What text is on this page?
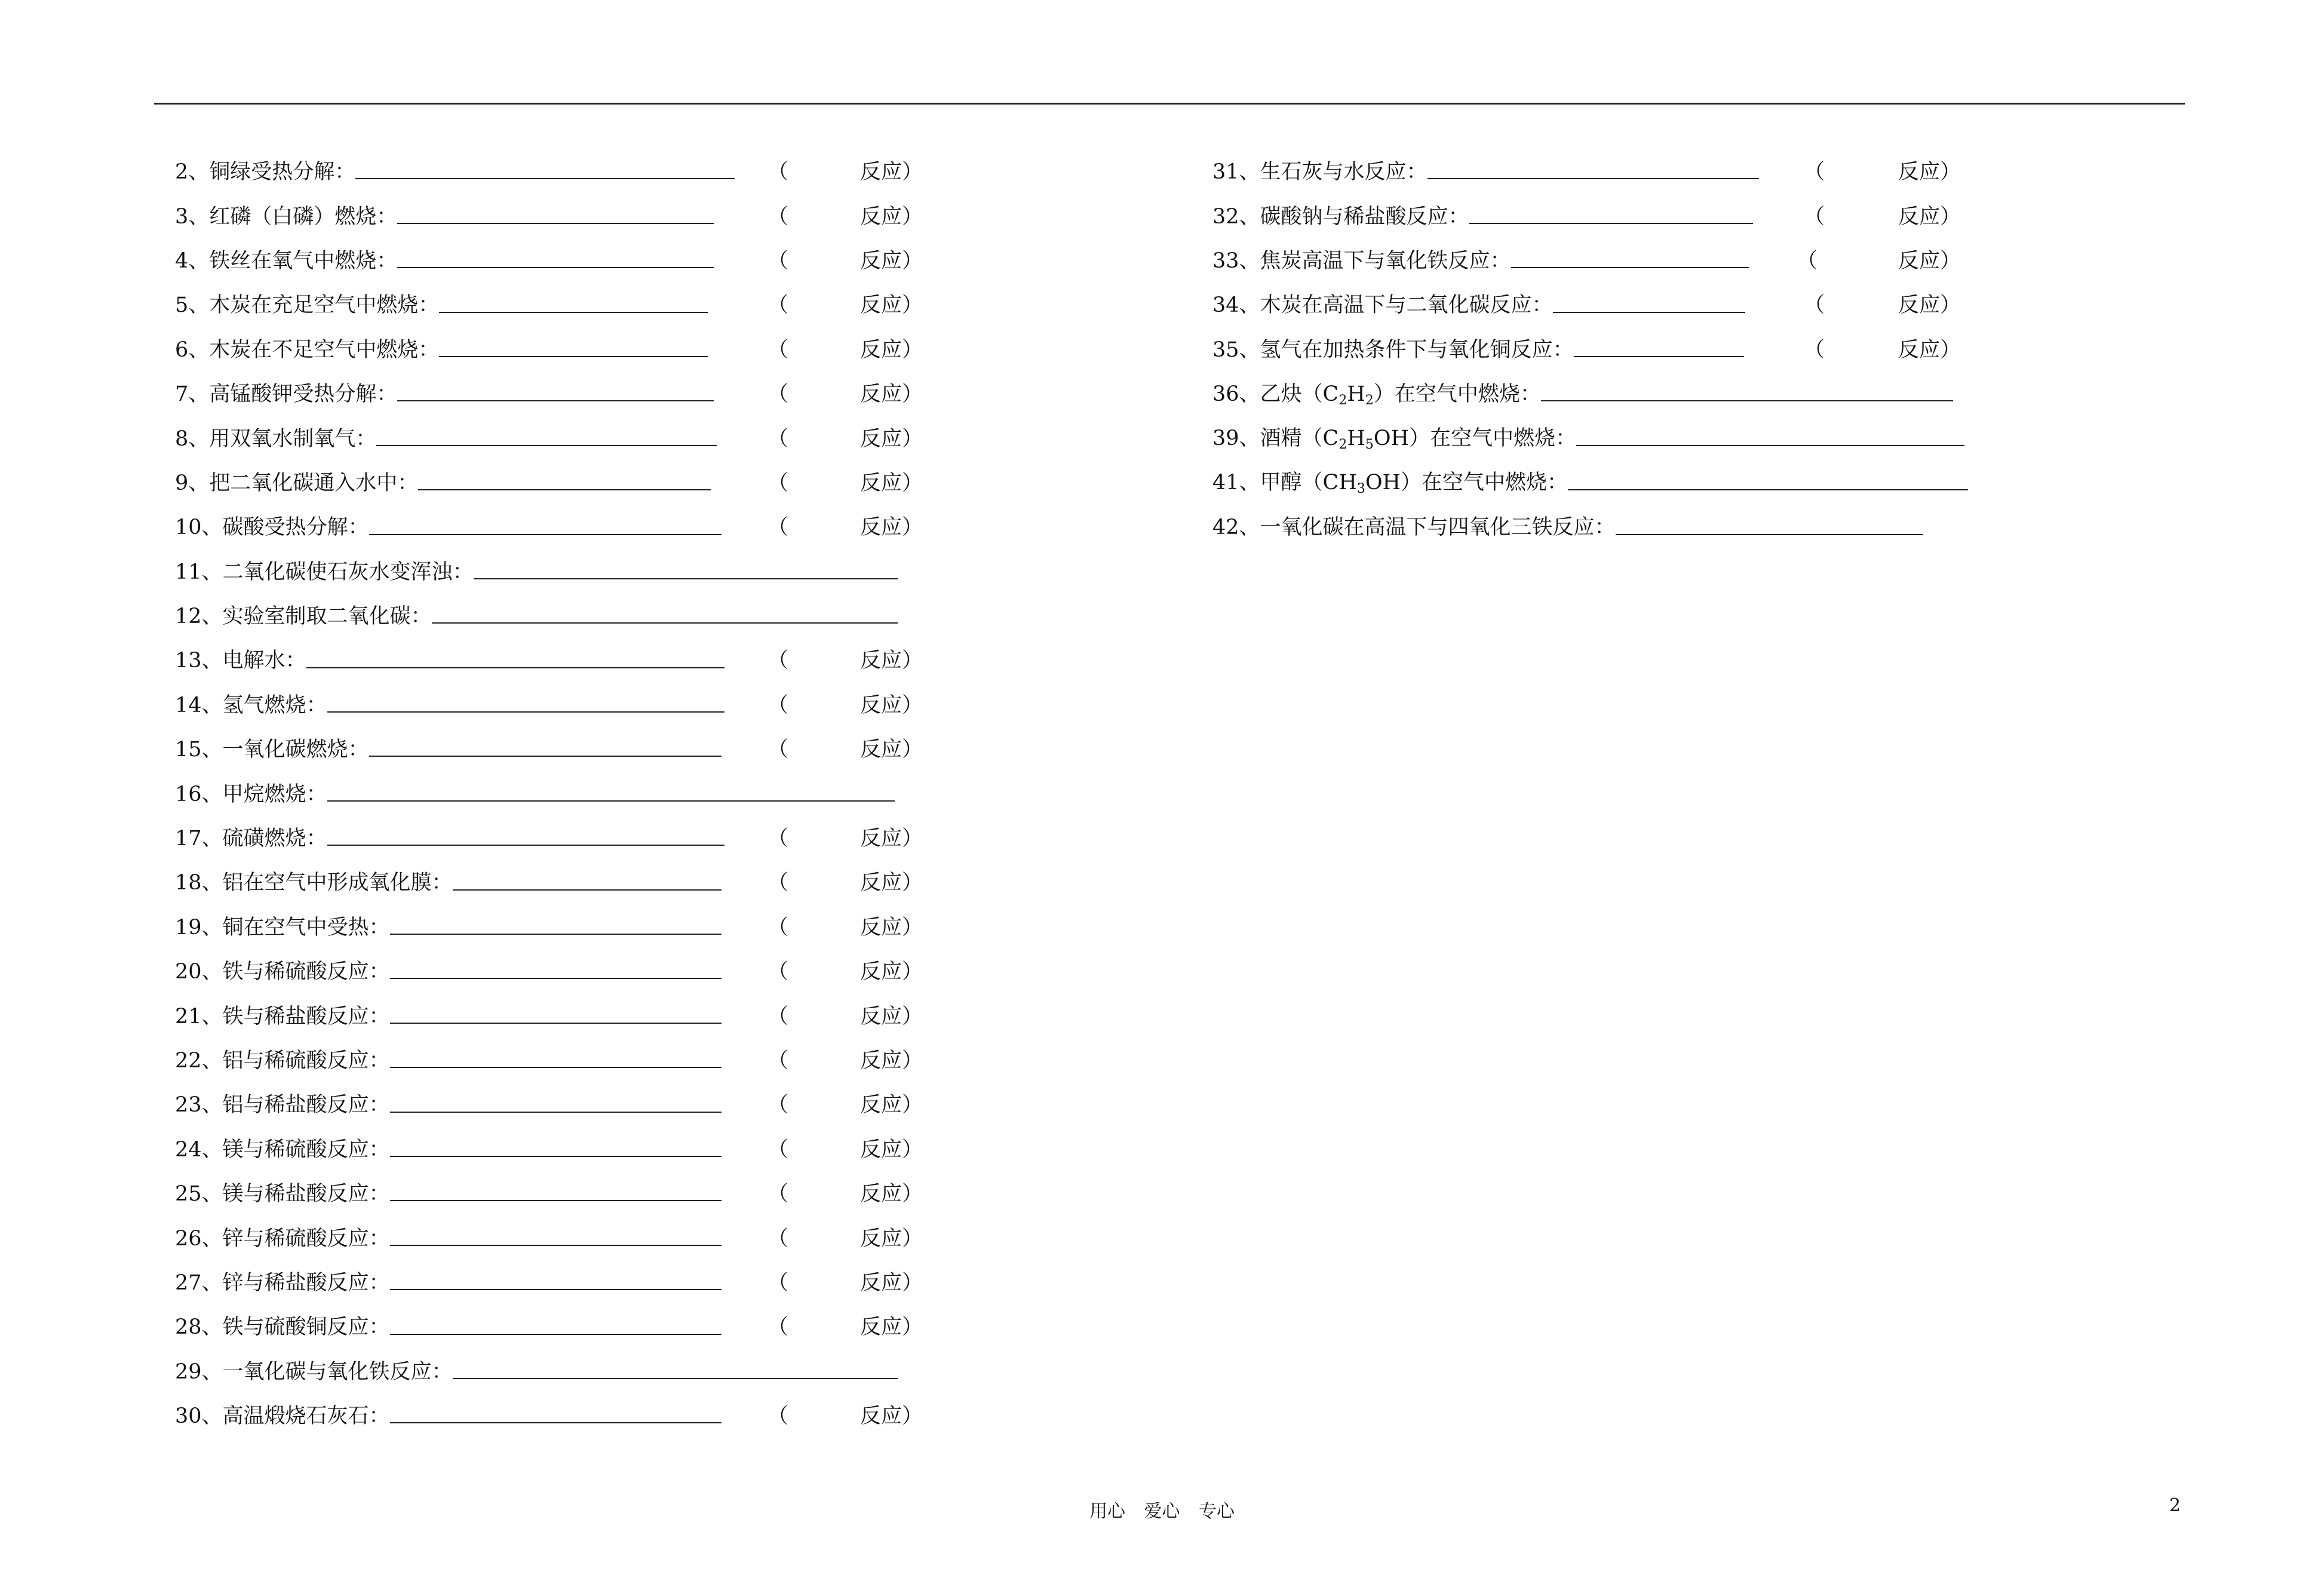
2、铜绿受热分解：	（	反应）
3、红磷（白磷）燃烧：	（	反应）
4、铁丝在氧气中燃烧：	（	反应）
5、木炭在充足空气中燃烧：	（	反应）
6、木炭在不足空气中燃烧：	（	反应）
7、高锰酸钾受热分解：	（	反应）
8、用双氧水制氧气：	（	反应）
9、把二氧化碳通入水中：	（	反应）
10、碳酸受热分解：	（	反应）
11、二氧化碳使石灰水变浑浊：
12、实验室制取二氧化碳：
13、电解水：	（	反应）
14、氢气燃烧：	（	反应）
15、一氧化碳燃烧：	（	反应）
16、甲烷燃烧：
17、硫磺燃烧：	（	反应）
18、铝在空气中形成氧化膜：	（	反应）
19、铜在空气中受热：	（	反应）
20、铁与稀硫酸反应：	（	反应）
21、铁与稀盐酸反应：	（	反应）
22、铝与稀硫酸反应：	（	反应）
23、铝与稀盐酸反应：	（	反应）
24、镁与稀硫酸反应：	（	反应）
25、镁与稀盐酸反应：	（	反应）
26、锌与稀硫酸反应：	（	反应）
27、锌与稀盐酸反应：	（	反应）
28、铁与硫酸铜反应：	（	反应）
29、一氧化碳与氧化铁反应：
30、高温煅烧石灰石：	（	反应）
31、生石灰与水反应：	（	反应）
32、碳酸钠与稀盐酸反应：	（	反应）
33、焦炭高温下与氧化铁反应：	（	反应）
34、木炭在高温下与二氧化碳反应：	（	反应）
35、氢气在加热条件下与氧化铜反应：	（	反应）
36、乙炔$(C_2H_2)$在空气中燃烧：
39、酒精$(C_2H_5OH)$在空气中燃烧：
41、甲醇$(CH_3OH)$在空气中燃烧：
42、一氧化碳在高温下与四氧化三铁反应：
用心 爱心 专心	2
